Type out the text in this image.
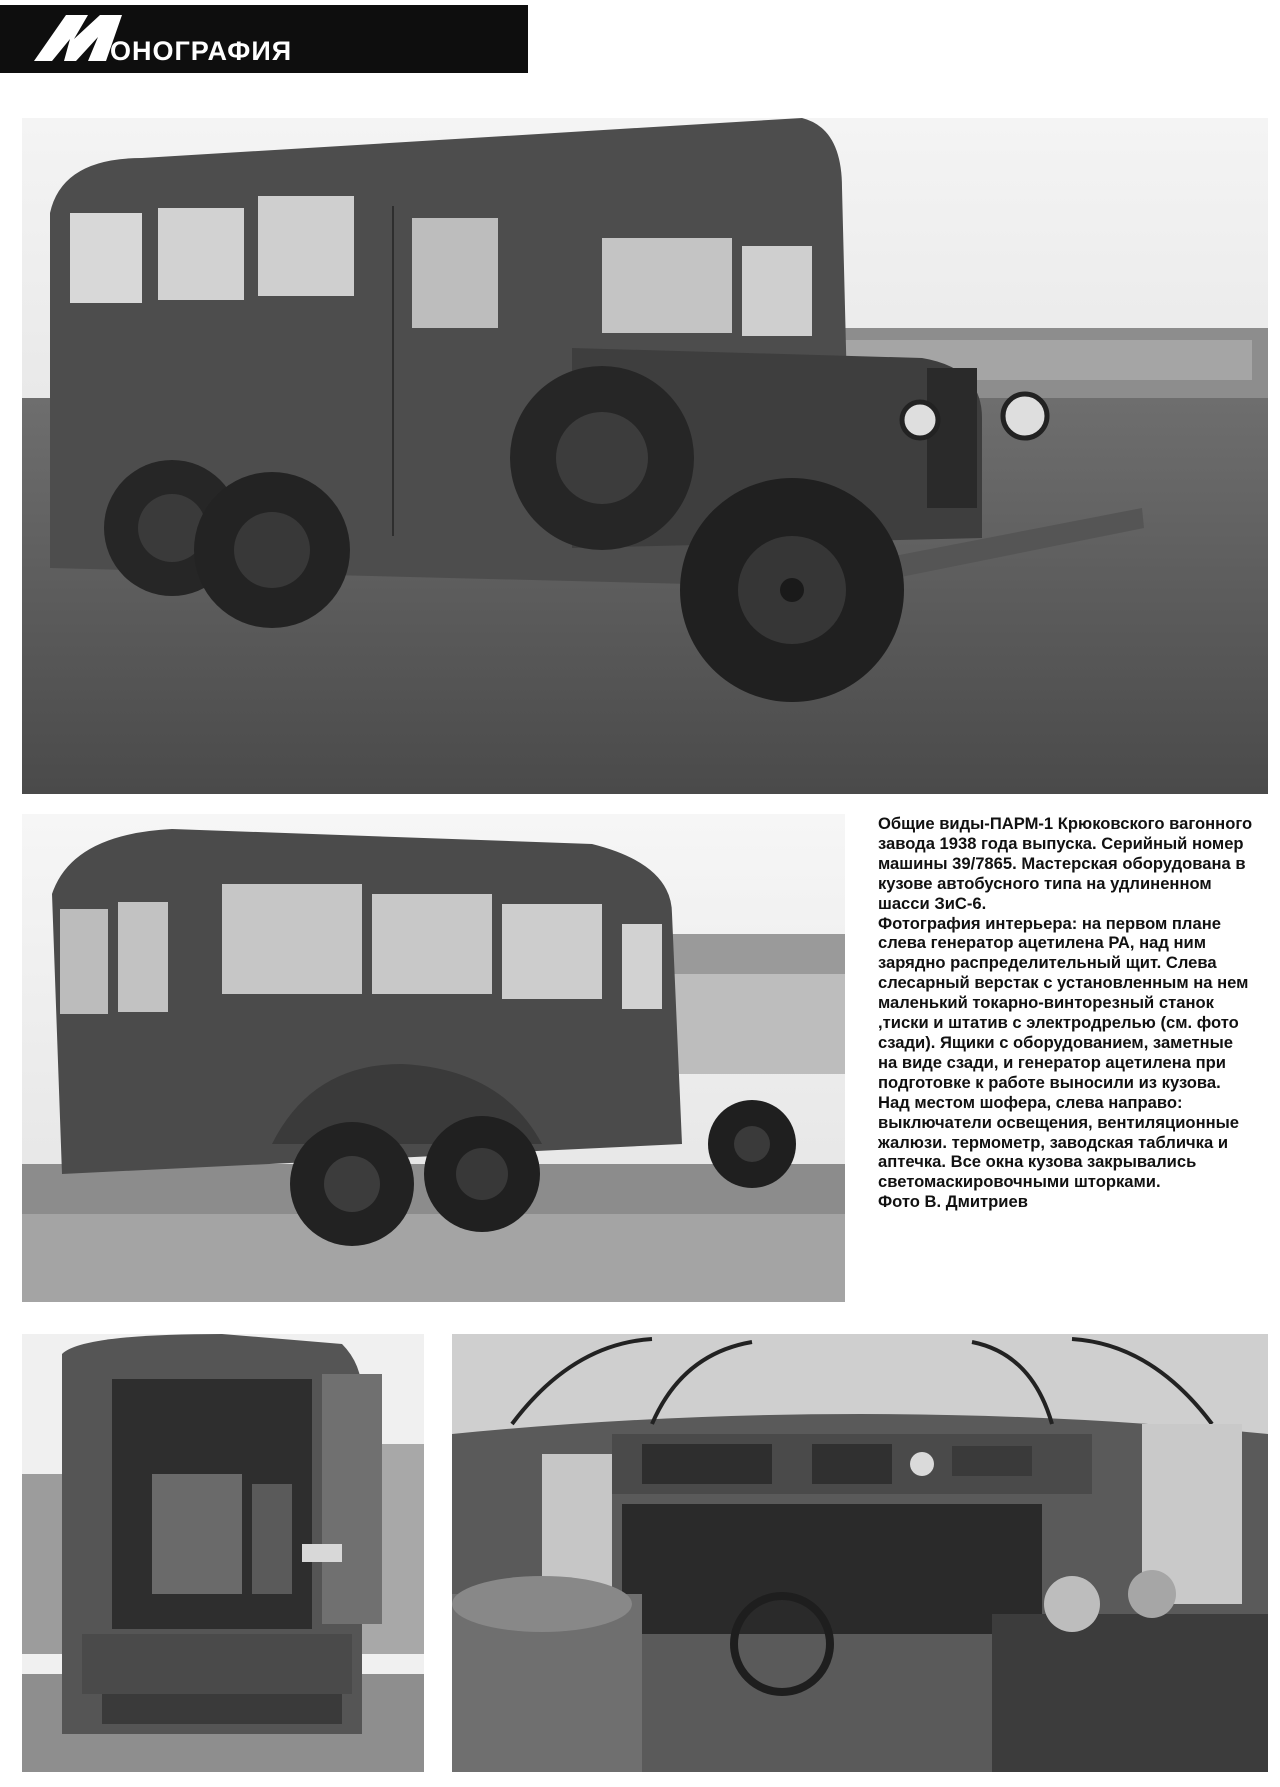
ОНОГРАФИЯ

Общие виды-ПАРМ-1 Крюковского вагонного завода 1938 года выпуска. Серийный номер машины 39/7865. Мастерская оборудована в кузове автобусного типа на удлиненном шасси ЗиС-6.

Фотография интерьера: на первом плане слева генератор ацетилена РА, над ним зарядно распределительный щит. Слева слесарный верстак с установленным на нем маленький токарно-винторезный станок ,тиски и штатив с электродрелью (см. фото сзади). Ящики с оборудованием, заметные на виде сзади, и генератор ацетилена при подготовке к работе выносили из кузова. Над местом шофера, слева направо: выключатели освещения, вентиляционные жалюзи. термометр, заводская табличка и аптечка. Все окна кузова закрывались светомаскировочными шторками.

Фото В. Дмитриев
